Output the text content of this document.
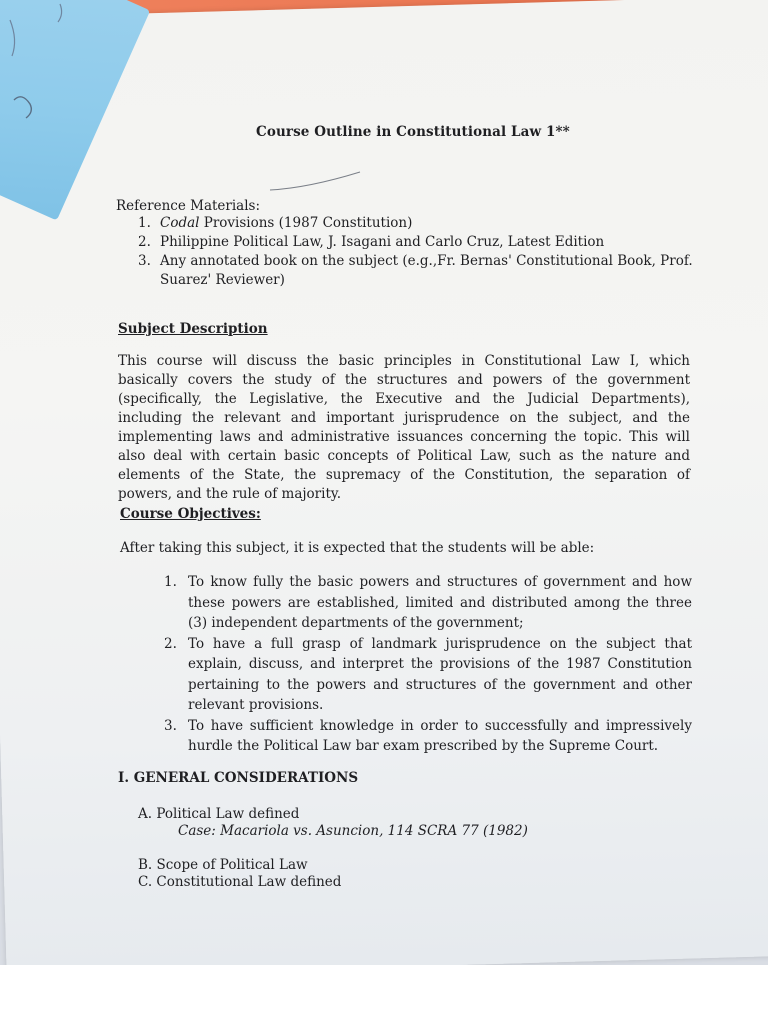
Course Outline in Constitutional Law 1**
Reference Materials:
1. Codal Provisions (1987 Constitution)
2. Philippine Political Law, J. Isagani and Carlo Cruz, Latest Edition
3. Any annotated book on the subject (e.g.,Fr. Bernas' Constitutional Book, Prof. Suarez' Reviewer)
Subject Description

This course will discuss the basic principles in Constitutional Law I, which basically covers the study of the structures and powers of the government (specifically, the Legislative, the Executive and the Judicial Departments), including the relevant and important jurisprudence on the subject, and the implementing laws and administrative issuances concerning the topic. This will also deal with certain basic concepts of Political Law, such as the nature and elements of the State, the supremacy of the Constitution, the separation of powers, and the rule of majority.

Course Objectives:
After taking this subject, it is expected that the students will be able:
1. To know fully the basic powers and structures of government and how these powers are established, limited and distributed among the three (3) independent departments of the government;
2. To have a full grasp of landmark jurisprudence on the subject that explain, discuss, and interpret the provisions of the 1987 Constitution pertaining to the powers and structures of the government and other relevant provisions.
3. To have sufficient knowledge in order to successfully and impressively hurdle the Political Law bar exam prescribed by the Supreme Court.
I. GENERAL CONSIDERATIONS
A. Political Law defined
Case: Macariola vs. Asuncion, 114 SCRA 77 (1982)
B. Scope of Political Law
C. Constitutional Law defined
